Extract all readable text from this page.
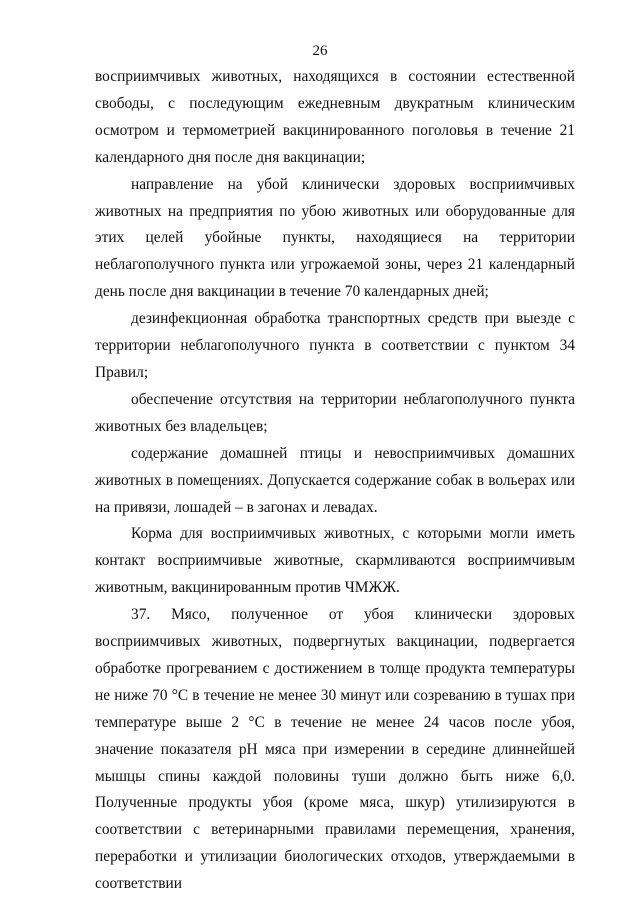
26

восприимчивых животных, находящихся в состоянии естественной свободы, с последующим ежедневным двукратным клиническим осмотром и термометрией вакцинированного поголовья в течение 21 календарного дня после дня вакцинации;

направление на убой клинически здоровых восприимчивых животных на предприятия по убою животных или оборудованные для этих целей убойные пункты, находящиеся на территории неблагополучного пункта или угрожаемой зоны, через 21 календарный день после дня вакцинации в течение 70 календарных дней;

дезинфекционная обработка транспортных средств при выезде с территории неблагополучного пункта в соответствии с пунктом 34 Правил;

обеспечение отсутствия на территории неблагополучного пункта животных без владельцев;

содержание домашней птицы и невосприимчивых домашних животных в помещениях. Допускается содержание собак в вольерах или на привязи, лошадей – в загонах и левадах.

Корма для восприимчивых животных, с которыми могли иметь контакт восприимчивые животные, скармливаются восприимчивым животным, вакцинированным против ЧМЖЖ.

37. Мясо, полученное от убоя клинически здоровых восприимчивых животных, подвергнутых вакцинации, подвергается обработке прогреванием с достижением в толще продукта температуры не ниже 70 °С в течение не менее 30 минут или созреванию в тушах при температуре выше 2 °С в течение не менее 24 часов после убоя, значение показателя pH мяса при измерении в середине длиннейшей мышцы спины каждой половины туши должно быть ниже 6,0. Полученные продукты убоя (кроме мяса, шкур) утилизируются в соответствии с ветеринарными правилами перемещения, хранения, переработки и утилизации биологических отходов, утверждаемыми в соответствии
